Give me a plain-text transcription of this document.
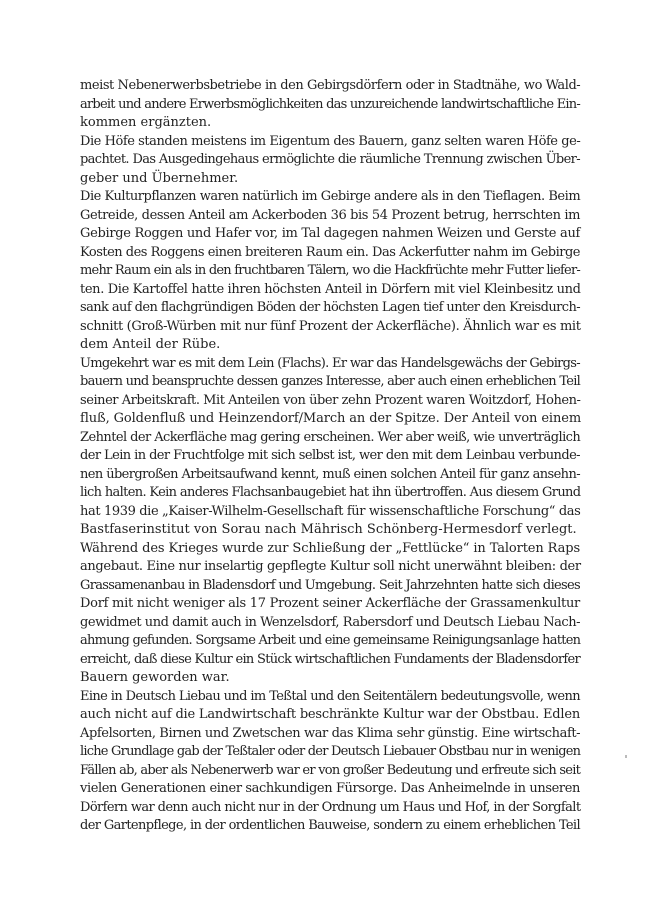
meist Nebenerwerbsbetriebe in den Gebirgsdörfern oder in Stadtnähe, wo Wald-
arbeit und andere Erwerbsmöglichkeiten das unzureichende landwirtschaftliche Ein-
kommen ergänzten.
Die Höfe standen meistens im Eigentum des Bauern, ganz selten waren Höfe ge-
pachtet. Das Ausgedingehaus ermöglichte die räumliche Trennung zwischen Über-
geber und Übernehmer.
Die Kulturpflanzen waren natürlich im Gebirge andere als in den Tieflagen. Beim
Getreide, dessen Anteil am Ackerboden 36 bis 54 Prozent betrug, herrschten im
Gebirge Roggen und Hafer vor, im Tal dagegen nahmen Weizen und Gerste auf
Kosten des Roggens einen breiteren Raum ein. Das Ackerfutter nahm im Gebirge
mehr Raum ein als in den fruchtbaren Tälern, wo die Hackfrüchte mehr Futter liefer-
ten. Die Kartoffel hatte ihren höchsten Anteil in Dörfern mit viel Kleinbesitz und
sank auf den flachgründigen Böden der höchsten Lagen tief unter den Kreisdurch-
schnitt (Groß-Würben mit nur fünf Prozent der Ackerfläche). Ähnlich war es mit
dem Anteil der Rübe.
Umgekehrt war es mit dem Lein (Flachs). Er war das Handelsgewächs der Gebirgs-
bauern und beanspruchte dessen ganzes Interesse, aber auch einen erheblichen Teil
seiner Arbeitskraft. Mit Anteilen von über zehn Prozent waren Woitzdorf, Hohen-
fluß, Goldenfluß und Heinzendorf/March an der Spitze. Der Anteil von einem
Zehntel der Ackerfläche mag gering erscheinen. Wer aber weiß, wie unverträglich
der Lein in der Fruchtfolge mit sich selbst ist, wer den mit dem Leinbau verbunde-
nen übergroßen Arbeitsaufwand kennt, muß einen solchen Anteil für ganz ansehn-
lich halten. Kein anderes Flachsanbaugebiet hat ihn übertroffen. Aus diesem Grund
hat 1939 die „Kaiser-Wilhelm-Gesellschaft für wissenschaftliche Forschung“ das
Bastfaserinstitut von Sorau nach Mährisch Schönberg-Hermesdorf verlegt.
Während des Krieges wurde zur Schließung der „Fettlücke“ in Talorten Raps
angebaut. Eine nur inselartig gepflegte Kultur soll nicht unerwähnt bleiben: der
Grassamenanbau in Bladensdorf und Umgebung. Seit Jahrzehnten hatte sich dieses
Dorf mit nicht weniger als 17 Prozent seiner Ackerfläche der Grassamenkultur
gewidmet und damit auch in Wenzelsdorf, Rabersdorf und Deutsch Liebau Nach-
ahmung gefunden. Sorgsame Arbeit und eine gemeinsame Reinigungsanlage hatten
erreicht, daß diese Kultur ein Stück wirtschaftlichen Fundaments der Bladensdorfer
Bauern geworden war.
Eine in Deutsch Liebau und im Teßtal und den Seitentälern bedeutungsvolle, wenn
auch nicht auf die Landwirtschaft beschränkte Kultur war der Obstbau. Edlen
Apfelsorten, Birnen und Zwetschen war das Klima sehr günstig. Eine wirtschaft-
liche Grundlage gab der Teßtaler oder der Deutsch Liebauer Obstbau nur in wenigen
Fällen ab, aber als Nebenerwerb war er von großer Bedeutung und erfreute sich seit
vielen Generationen einer sachkundigen Fürsorge. Das Anheimelnde in unseren
Dörfern war denn auch nicht nur in der Ordnung um Haus und Hof, in der Sorgfalt
der Gartenpflege, in der ordentlichen Bauweise, sondern zu einem erheblichen Teil
